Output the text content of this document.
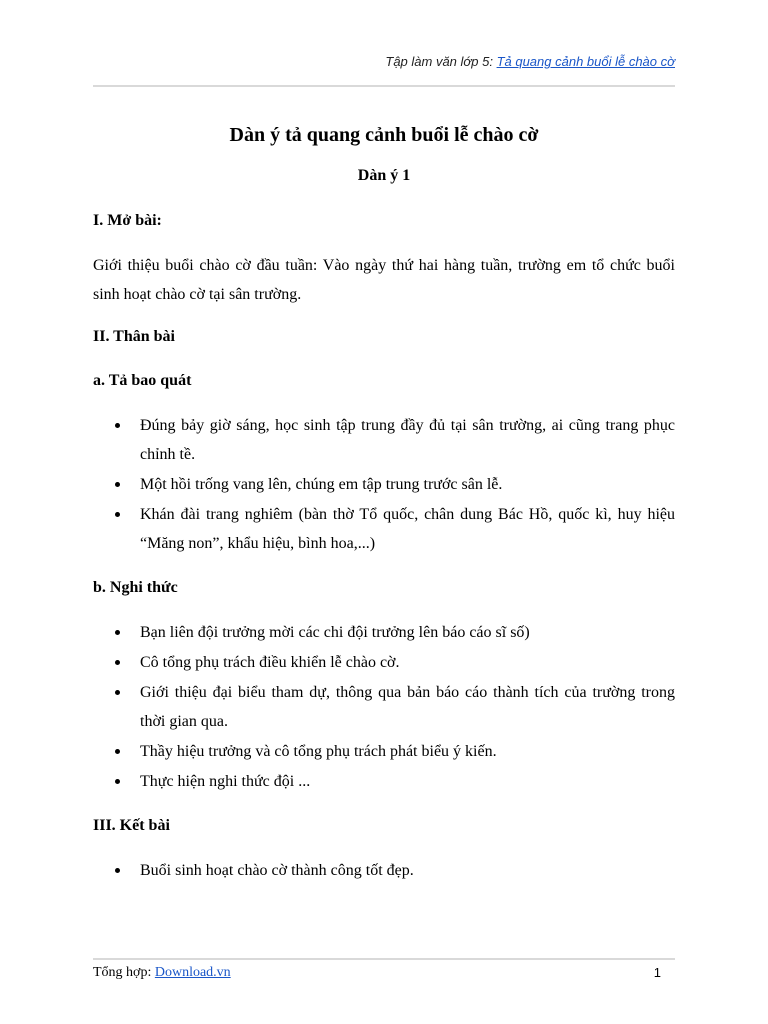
Tập làm văn lớp 5: Tả quang cảnh buổi lễ chào cờ
Dàn ý tả quang cảnh buổi lễ chào cờ
Dàn ý 1
I. Mở bài:
Giới thiệu buổi chào cờ đầu tuần: Vào ngày thứ hai hàng tuần, trường em tổ chức buổi sinh hoạt chào cờ tại sân trường.
II. Thân bài
a. Tả bao quát
Đúng bảy giờ sáng, học sinh tập trung đầy đủ tại sân trường, ai cũng trang phục chỉnh tề.
Một hồi trống vang lên, chúng em tập trung trước sân lễ.
Khán đài trang nghiêm (bàn thờ Tổ quốc, chân dung Bác Hồ, quốc kì, huy hiệu “Măng non”, khẩu hiệu, bình hoa,...)
b. Nghi thức
Bạn liên đội trưởng mời các chi đội trưởng lên báo cáo sĩ số)
Cô tổng phụ trách điều khiển lễ chào cờ.
Giới thiệu đại biểu tham dự, thông qua bản báo cáo thành tích của trường trong thời gian qua.
Thầy hiệu trưởng và cô tổng phụ trách phát biểu ý kiến.
Thực hiện nghi thức đội ...
III. Kết bài
Buổi sinh hoạt chào cờ thành công tốt đẹp.
Tổng hợp: Download.vn	1
